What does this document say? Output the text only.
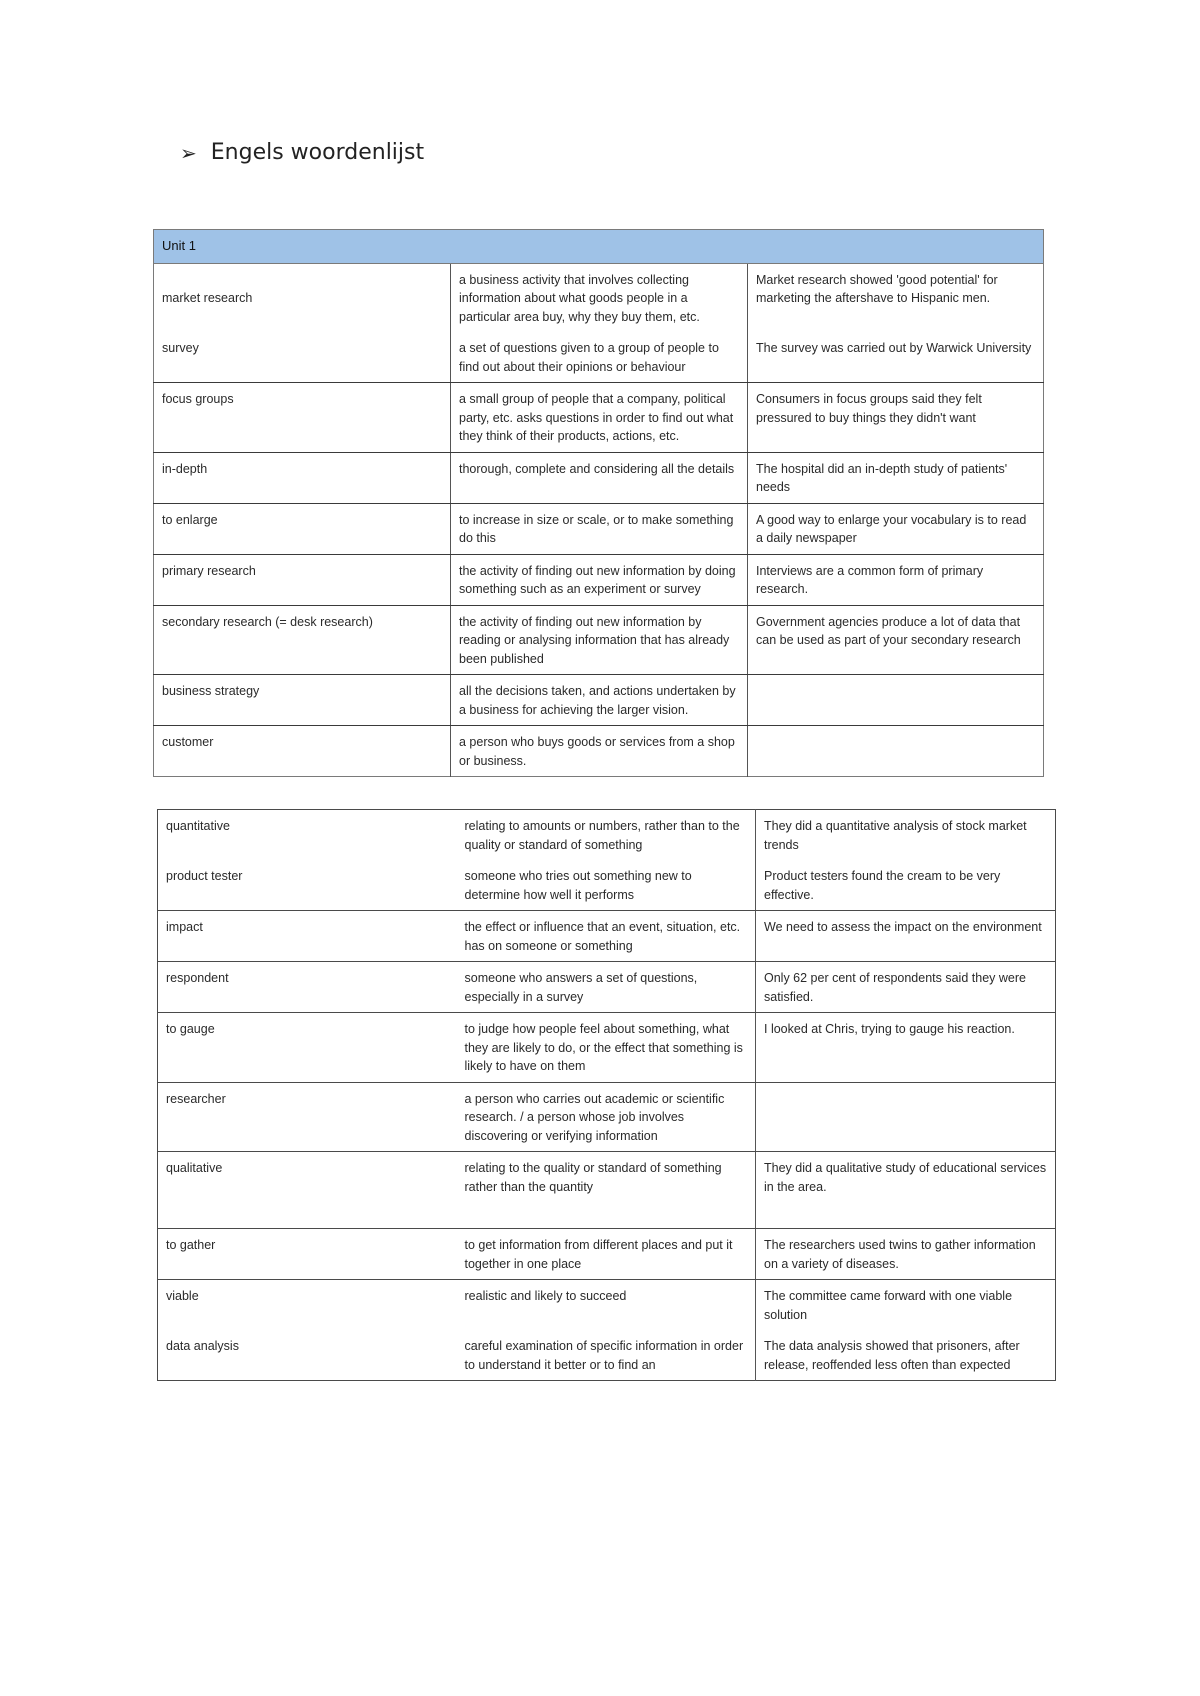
➢ Engels woordenlijst
Unit 1		
market research	a business activity that involves collecting information about what goods people in a particular area buy, why they buy them, etc.	Market research showed 'good potential' for marketing the aftershave to Hispanic men.
survey	a set of questions given to a group of people to find out about their opinions or behaviour	The survey was carried out by Warwick University
focus groups	a small group of people that a company, political party, etc. asks questions in order to find out what they think of their products, actions, etc.	Consumers in focus groups said they felt pressured to buy things they didn't want
in-depth	thorough, complete and considering all the details	The hospital did an in-depth study of patients' needs
to enlarge	to increase in size or scale, or to make something do this	A good way to enlarge your vocabulary is to read a daily newspaper
primary research	the activity of finding out new information by doing something such as an experiment or survey	Interviews are a common form of primary research.
secondary research (= desk research)	the activity of finding out new information by reading or analysing information that has already been published	Government agencies produce a lot of data that can be used as part of your secondary research
business strategy	all the decisions taken, and actions undertaken by a business for achieving the larger vision.	
customer	a person who buys goods or services from a shop or business.	
quantitative	relating to amounts or numbers, rather than to the quality or standard of something	They did a quantitative analysis of stock market trends
product tester	someone who tries out something new to determine how well it performs	Product testers found the cream to be very effective.
impact	the effect or influence that an event, situation, etc. has on someone or something	We need to assess the impact on the environment
respondent	someone who answers a set of questions, especially in a survey	Only 62 per cent of respondents said they were satisfied.
to gauge	to judge how people feel about something, what they are likely to do, or the effect that something is likely to have on them	I looked at Chris, trying to gauge his reaction.
researcher	a person who carries out academic or scientific research. / a person whose job involves discovering or verifying information	
qualitative	relating to the quality or standard of something rather than the quantity	They did a qualitative study of educational services in the area.
to gather	to get information from different places and put it together in one place	The researchers used twins to gather information on a variety of diseases.
viable	realistic and likely to succeed	The committee came forward with one viable solution
data analysis	careful examination of specific information in order to understand it better or to find an	The data analysis showed that prisoners, after release, reoffended less often than expected
